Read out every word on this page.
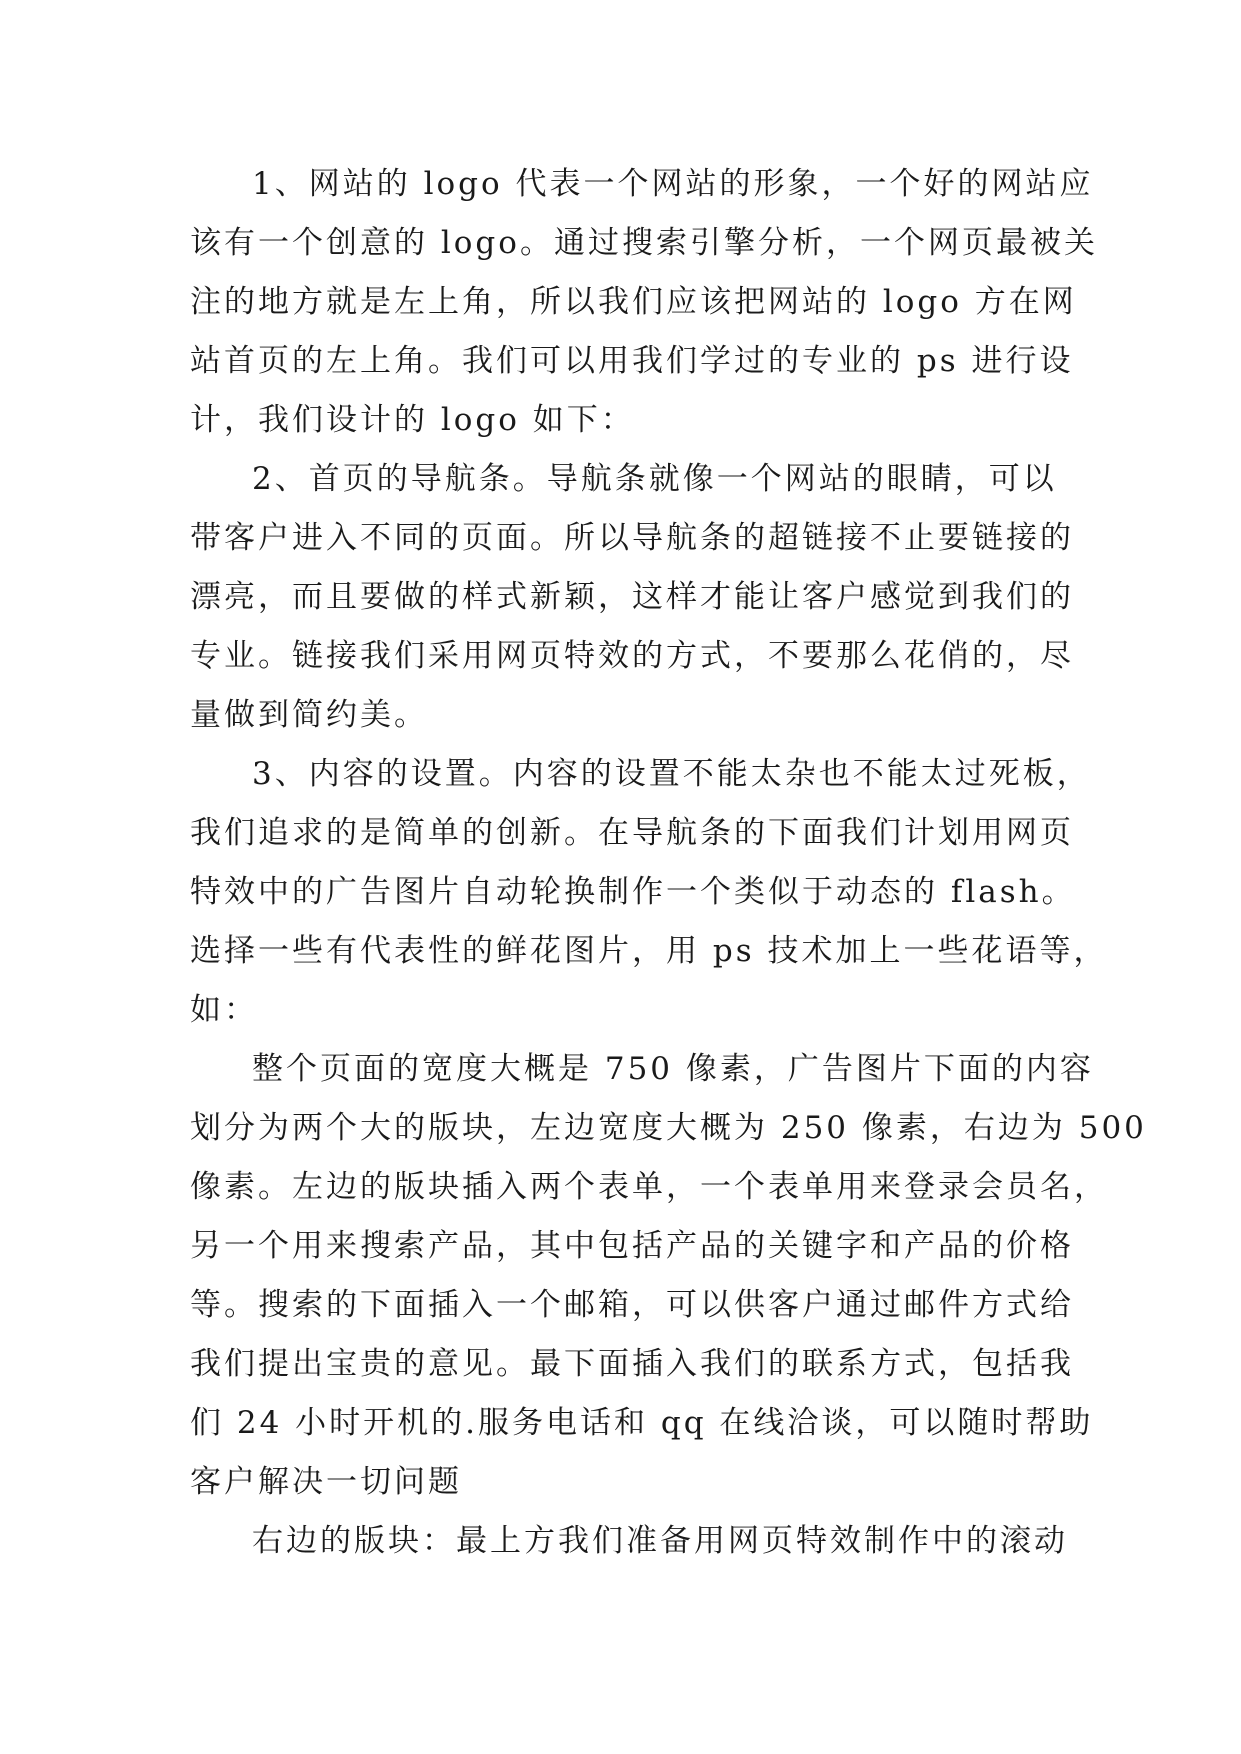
1、网站的 logo 代表一个网站的形象，一个好的网站应
该有一个创意的 logo。通过搜索引擎分析，一个网页最被关
注的地方就是左上角，所以我们应该把网站的 logo 方在网
站首页的左上角。我们可以用我们学过的专业的 ps 进行设
计，我们设计的 logo 如下：

2、首页的导航条。导航条就像一个网站的眼睛，可以
带客户进入不同的页面。所以导航条的超链接不止要链接的
漂亮，而且要做的样式新颖，这样才能让客户感觉到我们的
专业。链接我们采用网页特效的方式，不要那么花俏的，尽
量做到简约美。

3、内容的设置。内容的设置不能太杂也不能太过死板，
我们追求的是简单的创新。在导航条的下面我们计划用网页
特效中的广告图片自动轮换制作一个类似于动态的 flash。
选择一些有代表性的鲜花图片，用 ps 技术加上一些花语等，
如：

整个页面的宽度大概是 750 像素，广告图片下面的内容
划分为两个大的版块，左边宽度大概为 250 像素，右边为 500
像素。左边的版块插入两个表单，一个表单用来登录会员名，
另一个用来搜索产品，其中包括产品的关键字和产品的价格
等。搜索的下面插入一个邮箱，可以供客户通过邮件方式给
我们提出宝贵的意见。最下面插入我们的联系方式，包括我
们 24 小时开机的.服务电话和 qq 在线洽谈，可以随时帮助
客户解决一切问题

右边的版块：最上方我们准备用网页特效制作中的滚动
